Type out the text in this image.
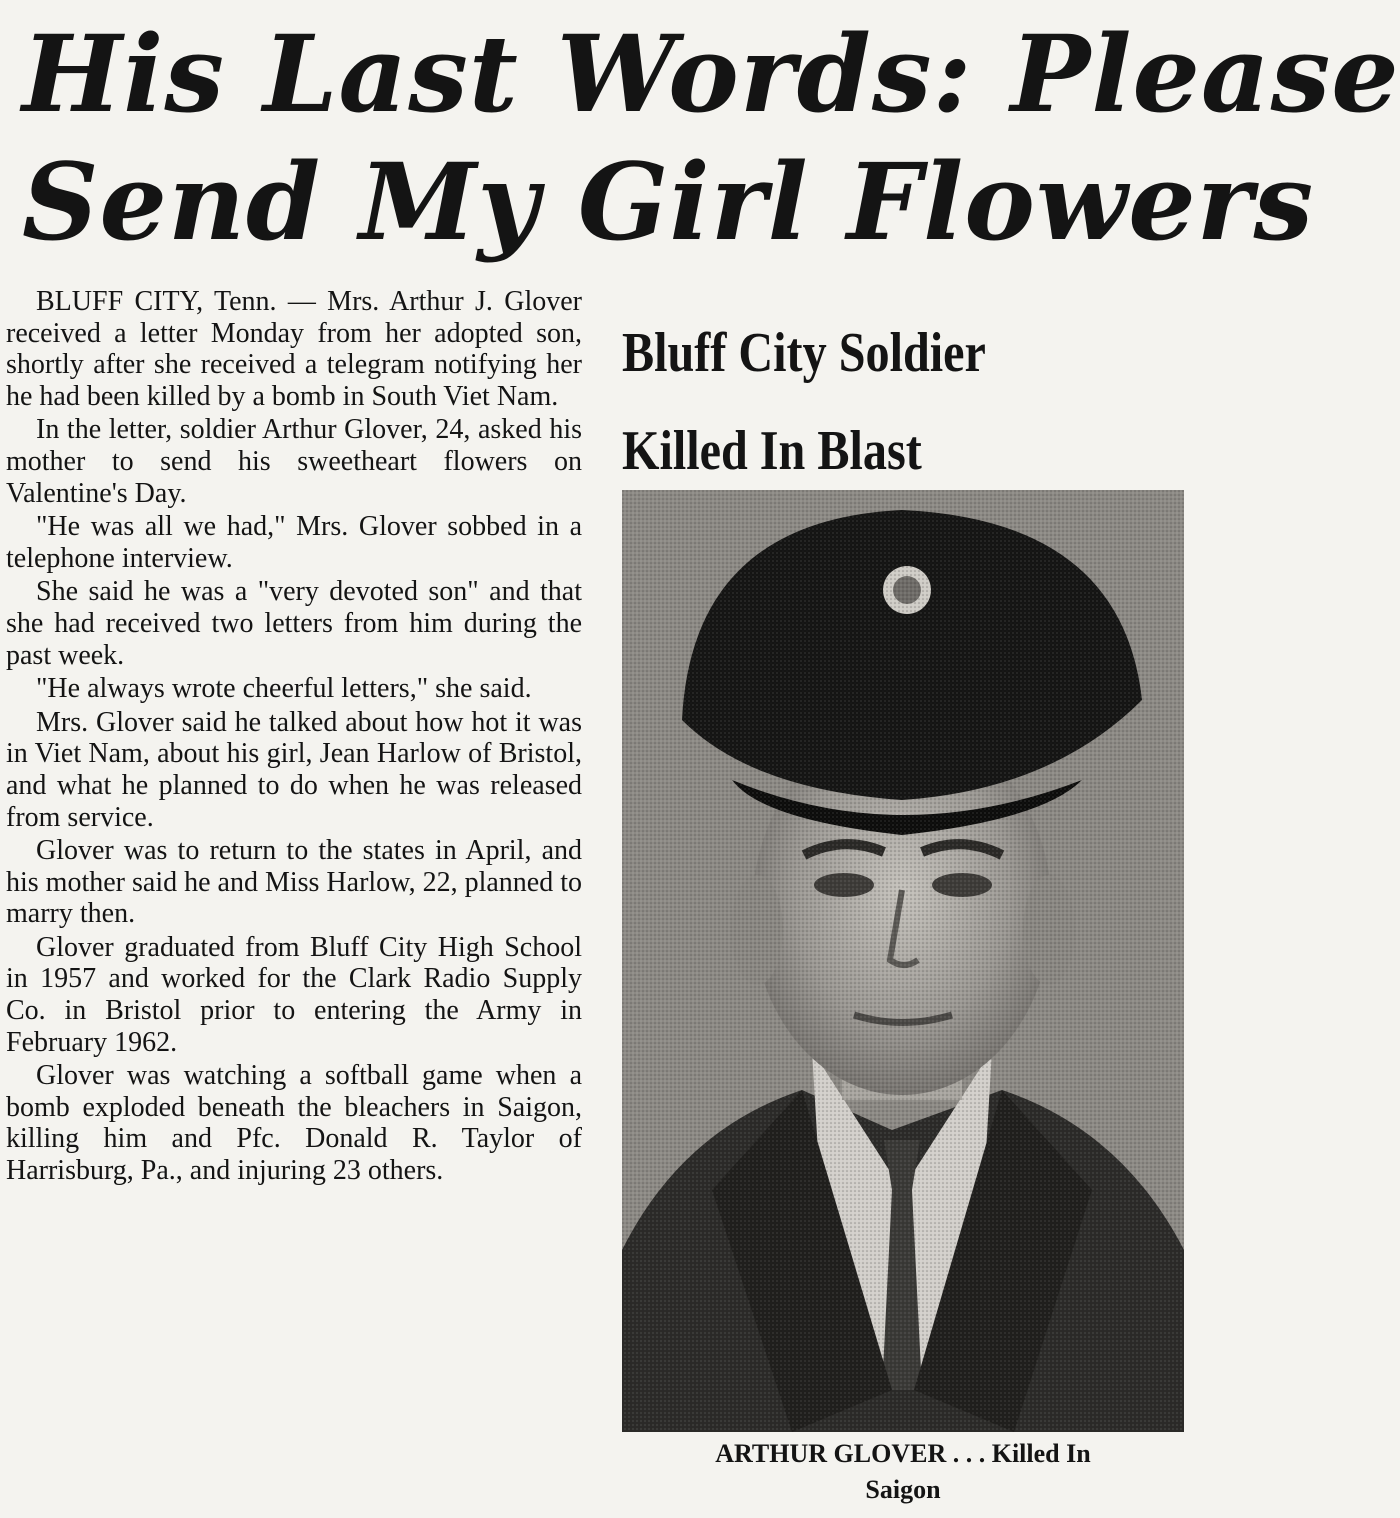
His Last Words: Please
Send My Girl Flowers

BLUFF CITY, Tenn. — Mrs. Arthur J. Glover received a letter Monday from her adopted son, shortly after she received a telegram notifying her he had been killed by a bomb in South Viet Nam.

In the letter, soldier Arthur Glover, 24, asked his mother to send his sweetheart flowers on Valentine's Day.

"He was all we had," Mrs. Glover sobbed in a telephone interview.

She said he was a "very devoted son" and that she had received two letters from him during the past week.

"He always wrote cheerful letters," she said.

Mrs. Glover said he talked about how hot it was in Viet Nam, about his girl, Jean Harlow of Bristol, and what he planned to do when he was released from service.

Glover was to return to the states in April, and his mother said he and Miss Harlow, 22, planned to marry then.

Glover graduated from Bluff City High School in 1957 and worked for the Clark Radio Supply Co. in Bristol prior to entering the Army in February 1962.

Glover was watching a softball game when a bomb exploded beneath the bleachers in Saigon, killing him and Pfc. Donald R. Taylor of Harrisburg, Pa., and injuring 23 others.

Bluff City Soldier
Killed In Blast
ARTHUR GLOVER . . . Killed In
Saigon
